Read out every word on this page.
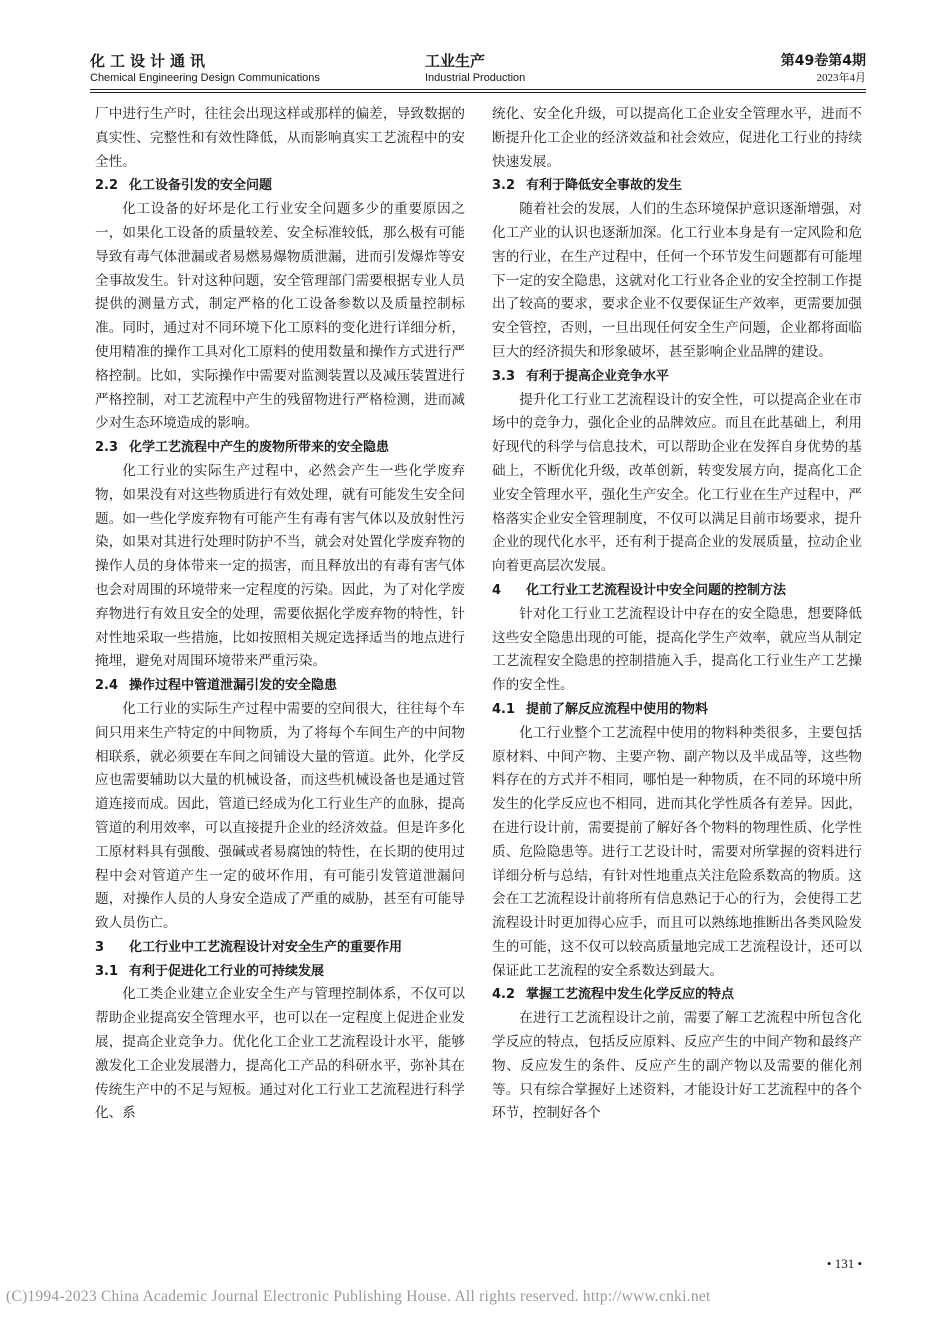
化工设计通讯
Chemical Engineering Design Communications
工业生产
Industrial Production
第49卷第4期
2023年4月

厂中进行生产时，往往会出现这样或那样的偏差，导致数据的真实性、完整性和有效性降低，从而影响真实工艺流程中的安全性。

2.2 化工设备引发的安全问题

化工设备的好坏是化工行业安全问题多少的重要原因之一，如果化工设备的质量较差、安全标准较低，那么极有可能导致有毒气体泄漏或者易燃易爆物质泄漏，进而引发爆炸等安全事故发生。针对这种问题，安全管理部门需要根据专业人员提供的测量方式，制定严格的化工设备参数以及质量控制标准。同时，通过对不同环境下化工原料的变化进行详细分析，使用精准的操作工具对化工原料的使用数量和操作方式进行严格控制。比如，实际操作中需要对监测装置以及减压装置进行严格控制，对工艺流程中产生的残留物进行严格检测，进而减少对生态环境造成的影响。

2.3 化学工艺流程中产生的废物所带来的安全隐患

化工行业的实际生产过程中，必然会产生一些化学废弃物，如果没有对这些物质进行有效处理，就有可能发生安全问题。如一些化学废弃物有可能产生有毒有害气体以及放射性污染，如果对其进行处理时防护不当，就会对处置化学废弃物的操作人员的身体带来一定的损害，而且释放出的有毒有害气体也会对周围的环境带来一定程度的污染。因此，为了对化学废弃物进行有效且安全的处理，需要依据化学废弃物的特性，针对性地采取一些措施，比如按照相关规定选择适当的地点进行掩埋，避免对周围环境带来严重污染。

2.4 操作过程中管道泄漏引发的安全隐患

化工行业的实际生产过程中需要的空间很大，往往每个车间只用来生产特定的中间物质，为了将每个车间生产的中间物相联系，就必须要在车间之间铺设大量的管道。此外，化学反应也需要辅助以大量的机械设备，而这些机械设备也是通过管道连接而成。因此，管道已经成为化工行业生产的血脉，提高管道的利用效率，可以直接提升企业的经济效益。但是许多化工原材料具有强酸、强碱或者易腐蚀的特性，在长期的使用过程中会对管道产生一定的破坏作用，有可能引发管道泄漏问题，对操作人员的人身安全造成了严重的威胁，甚至有可能导致人员伤亡。

3 化工行业中工艺流程设计对安全生产的重要作用
3.1 有利于促进化工行业的可持续发展

化工类企业建立企业安全生产与管理控制体系，不仅可以帮助企业提高安全管理水平，也可以在一定程度上促进企业发展，提高企业竞争力。优化化工企业工艺流程设计水平，能够激发化工企业发展潜力，提高化工产品的科研水平，弥补其在传统生产中的不足与短板。通过对化工行业工艺流程进行科学化、系

统化、安全化升级，可以提高化工企业安全管理水平，进而不断提升化工企业的经济效益和社会效应，促进化工行业的持续快速发展。

3.2 有利于降低安全事故的发生

随着社会的发展，人们的生态环境保护意识逐渐增强，对化工产业的认识也逐渐加深。化工行业本身是有一定风险和危害的行业，在生产过程中，任何一个环节发生问题都有可能埋下一定的安全隐患，这就对化工行业各企业的安全控制工作提出了较高的要求，要求企业不仅要保证生产效率，更需要加强安全管控，否则，一旦出现任何安全生产问题，企业都将面临巨大的经济损失和形象破坏，甚至影响企业品牌的建设。

3.3 有利于提高企业竞争水平

提升化工行业工艺流程设计的安全性，可以提高企业在市场中的竞争力，强化企业的品牌效应。而且在此基础上，利用好现代的科学与信息技术，可以帮助企业在发挥自身优势的基础上，不断优化升级，改革创新，转变发展方向，提高化工企业安全管理水平，强化生产安全。化工行业在生产过程中，严格落实企业安全管理制度，不仅可以满足目前市场要求，提升企业的现代化水平，还有利于提高企业的发展质量，拉动企业向着更高层次发展。

4 化工行业工艺流程设计中安全问题的控制方法

针对化工行业工艺流程设计中存在的安全隐患，想要降低这些安全隐患出现的可能，提高化学生产效率，就应当从制定工艺流程安全隐患的控制措施入手，提高化工行业生产工艺操作的安全性。

4.1 提前了解反应流程中使用的物料

化工行业整个工艺流程中使用的物料种类很多，主要包括原材料、中间产物、主要产物、副产物以及半成品等，这些物料存在的方式并不相同，哪怕是一种物质，在不同的环境中所发生的化学反应也不相同，进而其化学性质各有差异。因此，在进行设计前，需要提前了解好各个物料的物理性质、化学性质、危险隐患等。进行工艺设计时，需要对所掌握的资料进行详细分析与总结，有针对性地重点关注危险系数高的物质。这会在工艺流程设计前将所有信息熟记于心的行为，会使得工艺流程设计时更加得心应手，而且可以熟练地推断出各类风险发生的可能，这不仅可以较高质量地完成工艺流程设计，还可以保证此工艺流程的安全系数达到最大。

4.2 掌握工艺流程中发生化学反应的特点

在进行工艺流程设计之前，需要了解工艺流程中所包含化学反应的特点，包括反应原料、反应产生的中间产物和最终产物、反应发生的条件、反应产生的副产物以及需要的催化剂等。只有综合掌握好上述资料，才能设计好工艺流程中的各个环节，控制好各个

• 131 •
(C)1994-2023 China Academic Journal Electronic Publishing House. All rights reserved. http://www.cnki.net
